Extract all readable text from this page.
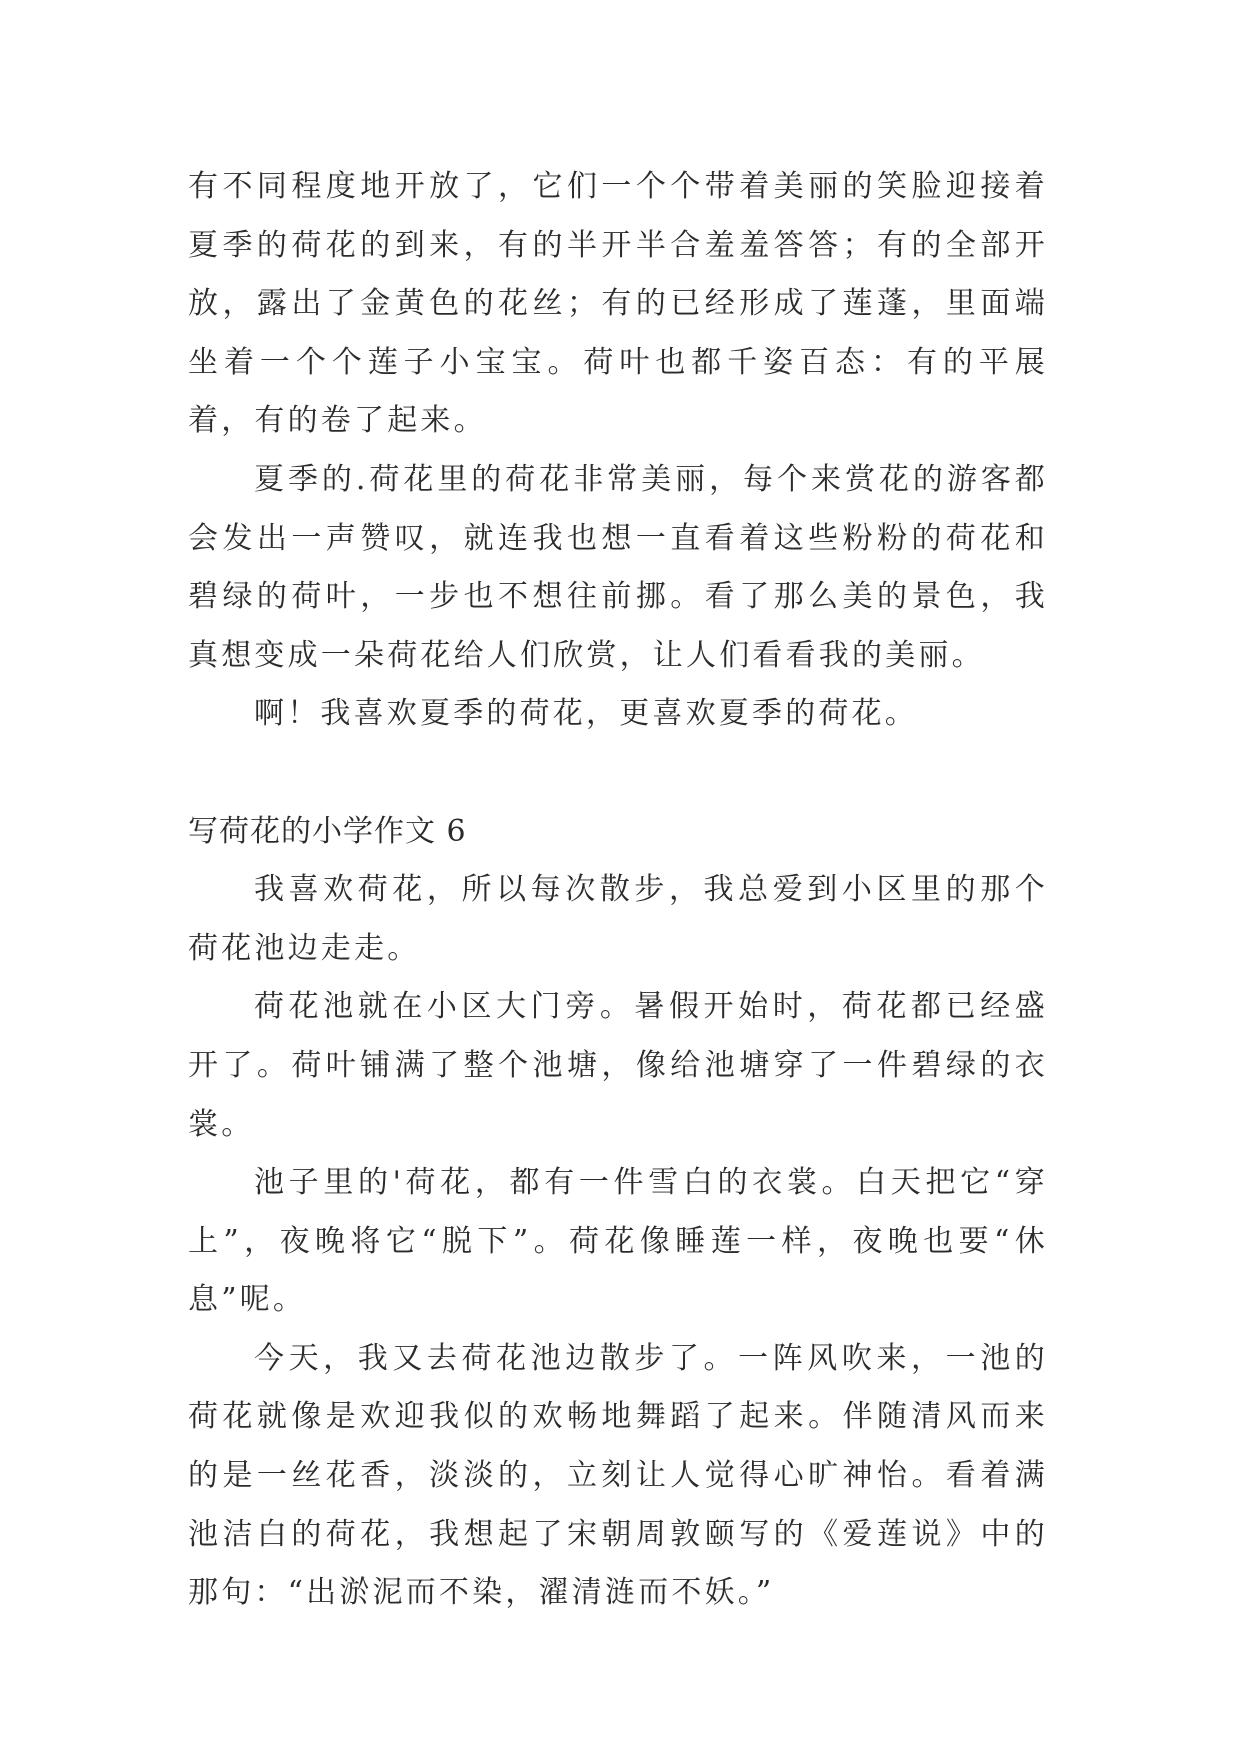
有不同程度地开放了，它们一个个带着美丽的笑脸迎接着夏季的荷花的到来，有的半开半合羞羞答答；有的全部开放，露出了金黄色的花丝；有的已经形成了莲蓬，里面端坐着一个个莲子小宝宝。荷叶也都千姿百态：有的平展着，有的卷了起来。

夏季的.荷花里的荷花非常美丽，每个来赏花的游客都会发出一声赞叹，就连我也想一直看着这些粉粉的荷花和碧绿的荷叶，一步也不想往前挪。看了那么美的景色，我真想变成一朵荷花给人们欣赏，让人们看看我的美丽。

啊！我喜欢夏季的荷花，更喜欢夏季的荷花。

写荷花的小学作文 6

我喜欢荷花，所以每次散步，我总爱到小区里的那个荷花池边走走。

荷花池就在小区大门旁。暑假开始时，荷花都已经盛开了。荷叶铺满了整个池塘，像给池塘穿了一件碧绿的衣裳。

池子里的'荷花，都有一件雪白的衣裳。白天把它“穿上”，夜晚将它“脱下”。荷花像睡莲一样，夜晚也要“休息”呢。

今天，我又去荷花池边散步了。一阵风吹来，一池的荷花就像是欢迎我似的欢畅地舞蹈了起来。伴随清风而来的是一丝花香，淡淡的，立刻让人觉得心旷神怡。看着满池洁白的荷花，我想起了宋朝周敦颐写的《爱莲说》中的那句：“出淤泥而不染，濯清涟而不妖。”
